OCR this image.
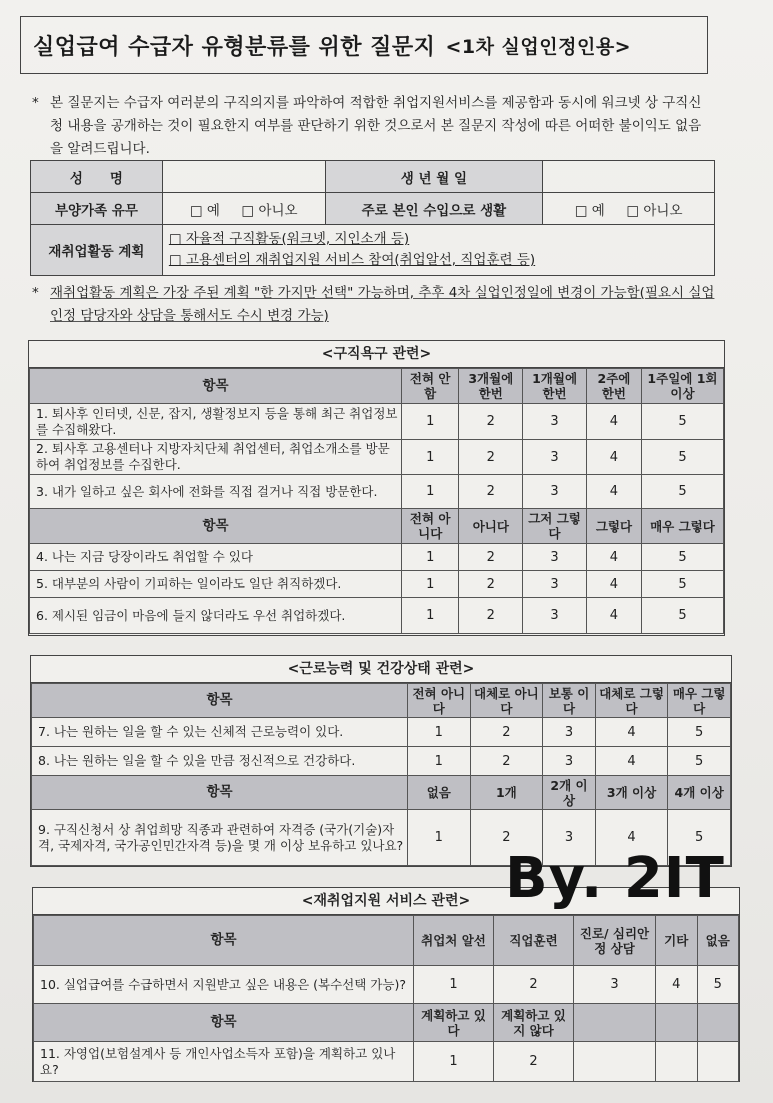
실업급여 수급자 유형분류를 위한 질문지 <1차 실업인정인용>
* 본 질문지는 수급자 여러분의 구직의지를 파악하여 적합한 취업지원서비스를 제공함과 동시에 워크넷 상 구직신청 내용을 공개하는 것이 필요한지 여부를 판단하기 위한 것으로서 본 질문지 작성에 따른 어떠한 불이익도 없음을 알려드립니다.
성　　명		생 년 월 일	
부양가족 유무	□ 예 □ 아니오	주로 본인 수입으로 생활	□ 예 □ 아니오
재취업활동 계획	□ 자율적 구직활동(워크넷, 지인소개 등)
□ 고용센터의 재취업지원 서비스 참여(취업알선, 직업훈련 등)		
* 재취업활동 계획은 가장 주된 계획 "한 가지만 선택" 가능하며, 추후 4차 실업인정일에 변경이 가능함(필요시 실업인정 담당자와 상담을 통해서도 수시 변경 가능)
<구직욕구 관련>
항목	전혀 안함	3개월에 한번	1개월에 한번	2주에 한번	1주일에 1회 이상
1. 퇴사후 인터넷, 신문, 잡지, 생활정보지 등을 통해 최근 취업정보를 수집해왔다.	1	2	3	4	5
2. 퇴사후 고용센터나 지방자치단체 취업센터, 취업소개소를 방문하여 취업정보를 수집한다.	1	2	3	4	5
3. 내가 일하고 싶은 회사에 전화를 직접 걸거나 직접 방문한다.	1	2	3	4	5
항목	전혀 아니다	아니다	그저 그렇다	그렇다	매우 그렇다
4. 나는 지금 당장이라도 취업할 수 있다	1	2	3	4	5
5. 대부분의 사람이 기피하는 일이라도 일단 취직하겠다.	1	2	3	4	5
6. 제시된 임금이 마음에 들지 않더라도 우선 취업하겠다.	1	2	3	4	5
<근로능력 및 건강상태 관련>
항목	전혀 아니다	대체로 아니다	보통 이다	대체로 그렇다	매우 그렇다
7. 나는 원하는 일을 할 수 있는 신체적 근로능력이 있다.	1	2	3	4	5
8. 나는 원하는 일을 할 수 있을 만큼 정신적으로 건강하다.	1	2	3	4	5
항목	없음	1개	2개 이상	3개 이상	4개 이상
9. 구직신청서 상 취업희망 직종과 관련하여 자격증 (국가(기술)자격, 국제자격, 국가공인민간자격 등)을 몇 개 이상 보유하고 있나요?	1	2	3	4	5
<재취업지원 서비스 관련>
항목	취업처 알선	직업훈련	진로/ 심리안정 상담	기타	없음
10. 실업급여를 수급하면서 지원받고 싶은 내용은 (복수선택 가능)?	1	2	3	4	5
항목	계획하고 있다	계획하고 있지 않다			
11. 자영업(보험설계사 등 개인사업소득자 포함)을 계획하고 있나요?	1	2			
By. 2IT
